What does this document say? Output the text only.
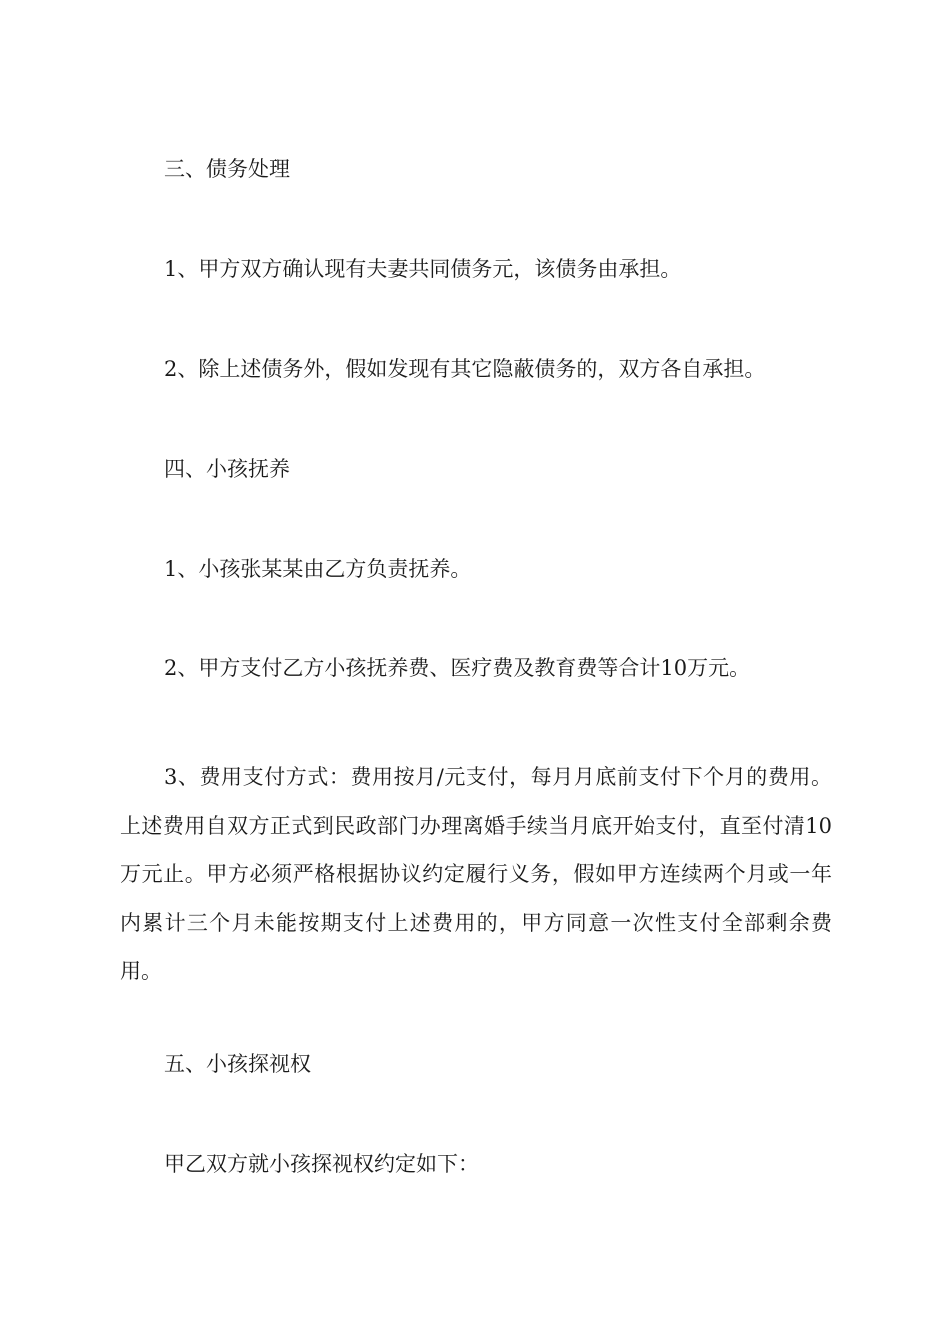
三、债务处理

1、甲方双方确认现有夫妻共同债务元，该债务由承担。

2、除上述债务外，假如发现有其它隐蔽债务的，双方各自承担。

四、小孩抚养

1、小孩张某某由乙方负责抚养。

2、甲方支付乙方小孩抚养费、医疗费及教育费等合计10万元。

3、费用支付方式：费用按月/元支付，每月月底前支付下个月的费用。上述费用自双方正式到民政部门办理离婚手续当月底开始支付，直至付清10万元止。甲方必须严格根据协议约定履行义务，假如甲方连续两个月或一年内累计三个月未能按期支付上述费用的，甲方同意一次性支付全部剩余费用。

五、小孩探视权

甲乙双方就小孩探视权约定如下：
